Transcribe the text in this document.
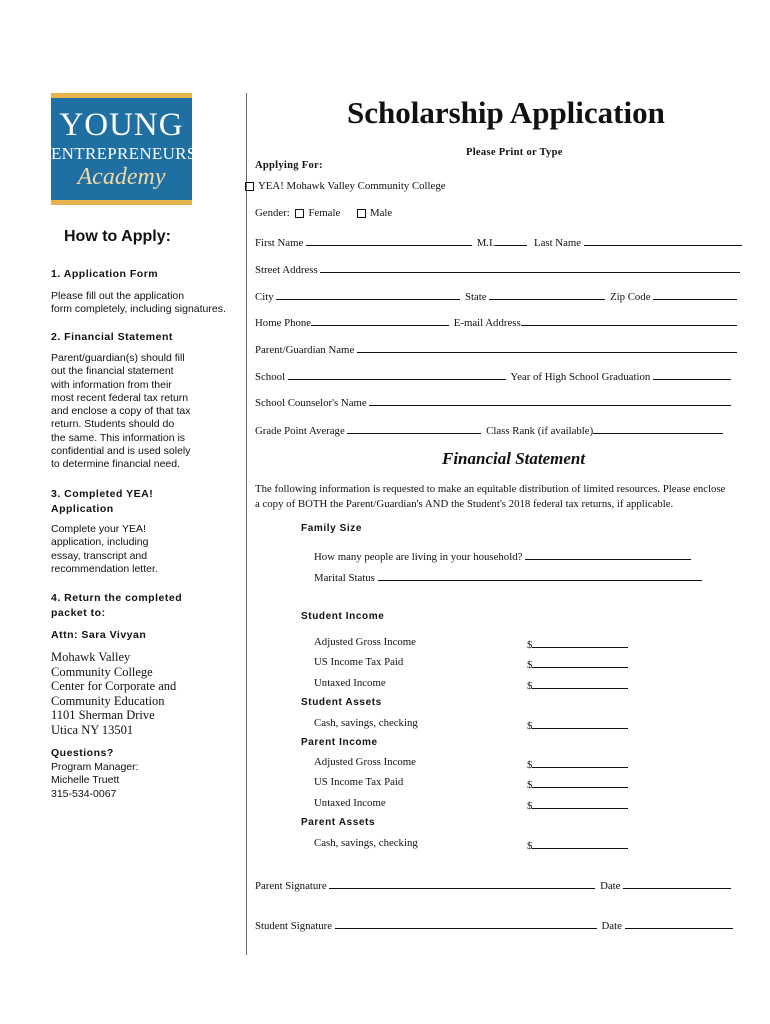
YOUNG
ENTREPRENEURS
Academy
How to Apply:
1. Application Form
Please fill out the application
form completely, including signatures.
2. Financial Statement
Parent/guardian(s) should fill
out the financial statement
with information from their
most recent federal tax return
and enclose a copy of that tax
return. Students should do
the same. This information is
confidential and is used solely
to determine financial need.
3. Completed YEA!
Application
Complete your YEA!
application, including
essay, transcript and
recommendation letter.
4. Return the completed
packet to:
Attn: Sara Vivyan
Mohawk Valley
Community College
Center for Corporate and
Community Education
1101 Sherman Drive
Utica NY 13501
Questions?
Program Manager:
Michelle Truett
315-534-0067
Scholarship Application
Please Print or Type
Applying For:
YEA! Mohawk Valley Community College
Gender: Female	Male
First Name	M.I.	Last Name
Street Address
City	State	Zip Code
Home Phone	E-mail Address
Parent/Guardian Name
School	Year of High School Graduation
School Counselor's Name
Grade Point Average	Class Rank (if available)
Financial Statement
The following information is requested to make an equitable distribution of limited resources. Please enclose
a copy of BOTH the Parent/Guardian's AND the Student's 2018 federal tax returns, if applicable.
Family Size
How many people are living in your household?
Marital Status
Student Income
Adjusted Gross Income	$
US Income Tax Paid	$
Untaxed Income	$
Student Assets
Cash, savings, checking	$
Parent Income
Adjusted Gross Income	$
US Income Tax Paid	$
Untaxed Income	$
Parent Assets
Cash, savings, checking	$
Parent Signature	Date
Student Signature	Date
